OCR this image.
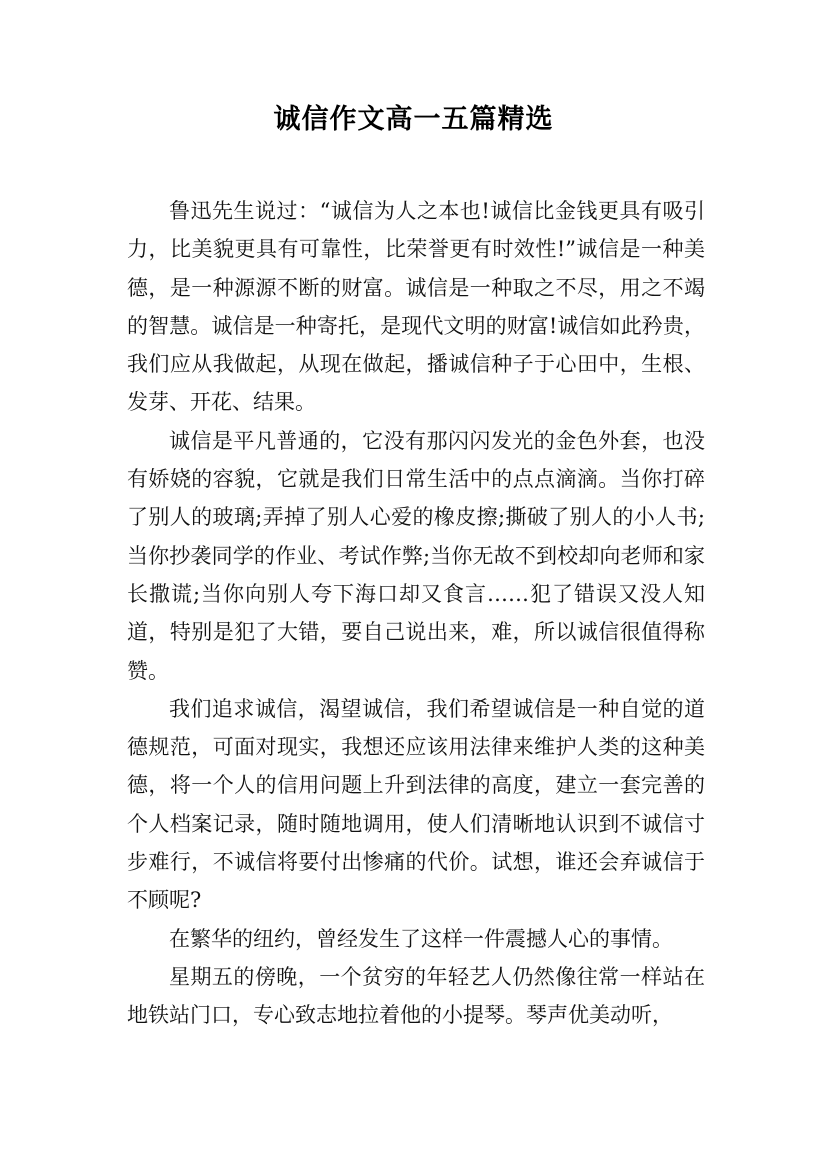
诚信作文高一五篇精选

鲁迅先生说过：“诚信为人之本也!诚信比金钱更具有吸引力，比美貌更具有可靠性，比荣誉更有时效性!”诚信是一种美德，是一种源源不断的财富。诚信是一种取之不尽，用之不竭的智慧。诚信是一种寄托，是现代文明的财富!诚信如此矜贵，我们应从我做起，从现在做起，播诚信种子于心田中，生根、发芽、开花、结果。

诚信是平凡普通的，它没有那闪闪发光的金色外套，也没有娇娆的容貌，它就是我们日常生活中的点点滴滴。当你打碎了别人的玻璃;弄掉了别人心爱的橡皮擦;撕破了别人的小人书;当你抄袭同学的作业、考试作弊;当你无故不到校却向老师和家长撒谎;当你向别人夸下海口却又食言……犯了错误又没人知道，特别是犯了大错，要自己说出来，难，所以诚信很值得称赞。

我们追求诚信，渴望诚信，我们希望诚信是一种自觉的道德规范，可面对现实，我想还应该用法律来维护人类的这种美德，将一个人的信用问题上升到法律的高度，建立一套完善的个人档案记录，随时随地调用，使人们清晰地认识到不诚信寸步难行，不诚信将要付出惨痛的代价。试想，谁还会弃诚信于不顾呢?

在繁华的纽约，曾经发生了这样一件震撼人心的事情。

星期五的傍晚，一个贫穷的年轻艺人仍然像往常一样站在地铁站门口，专心致志地拉着他的小提琴。琴声优美动听，
